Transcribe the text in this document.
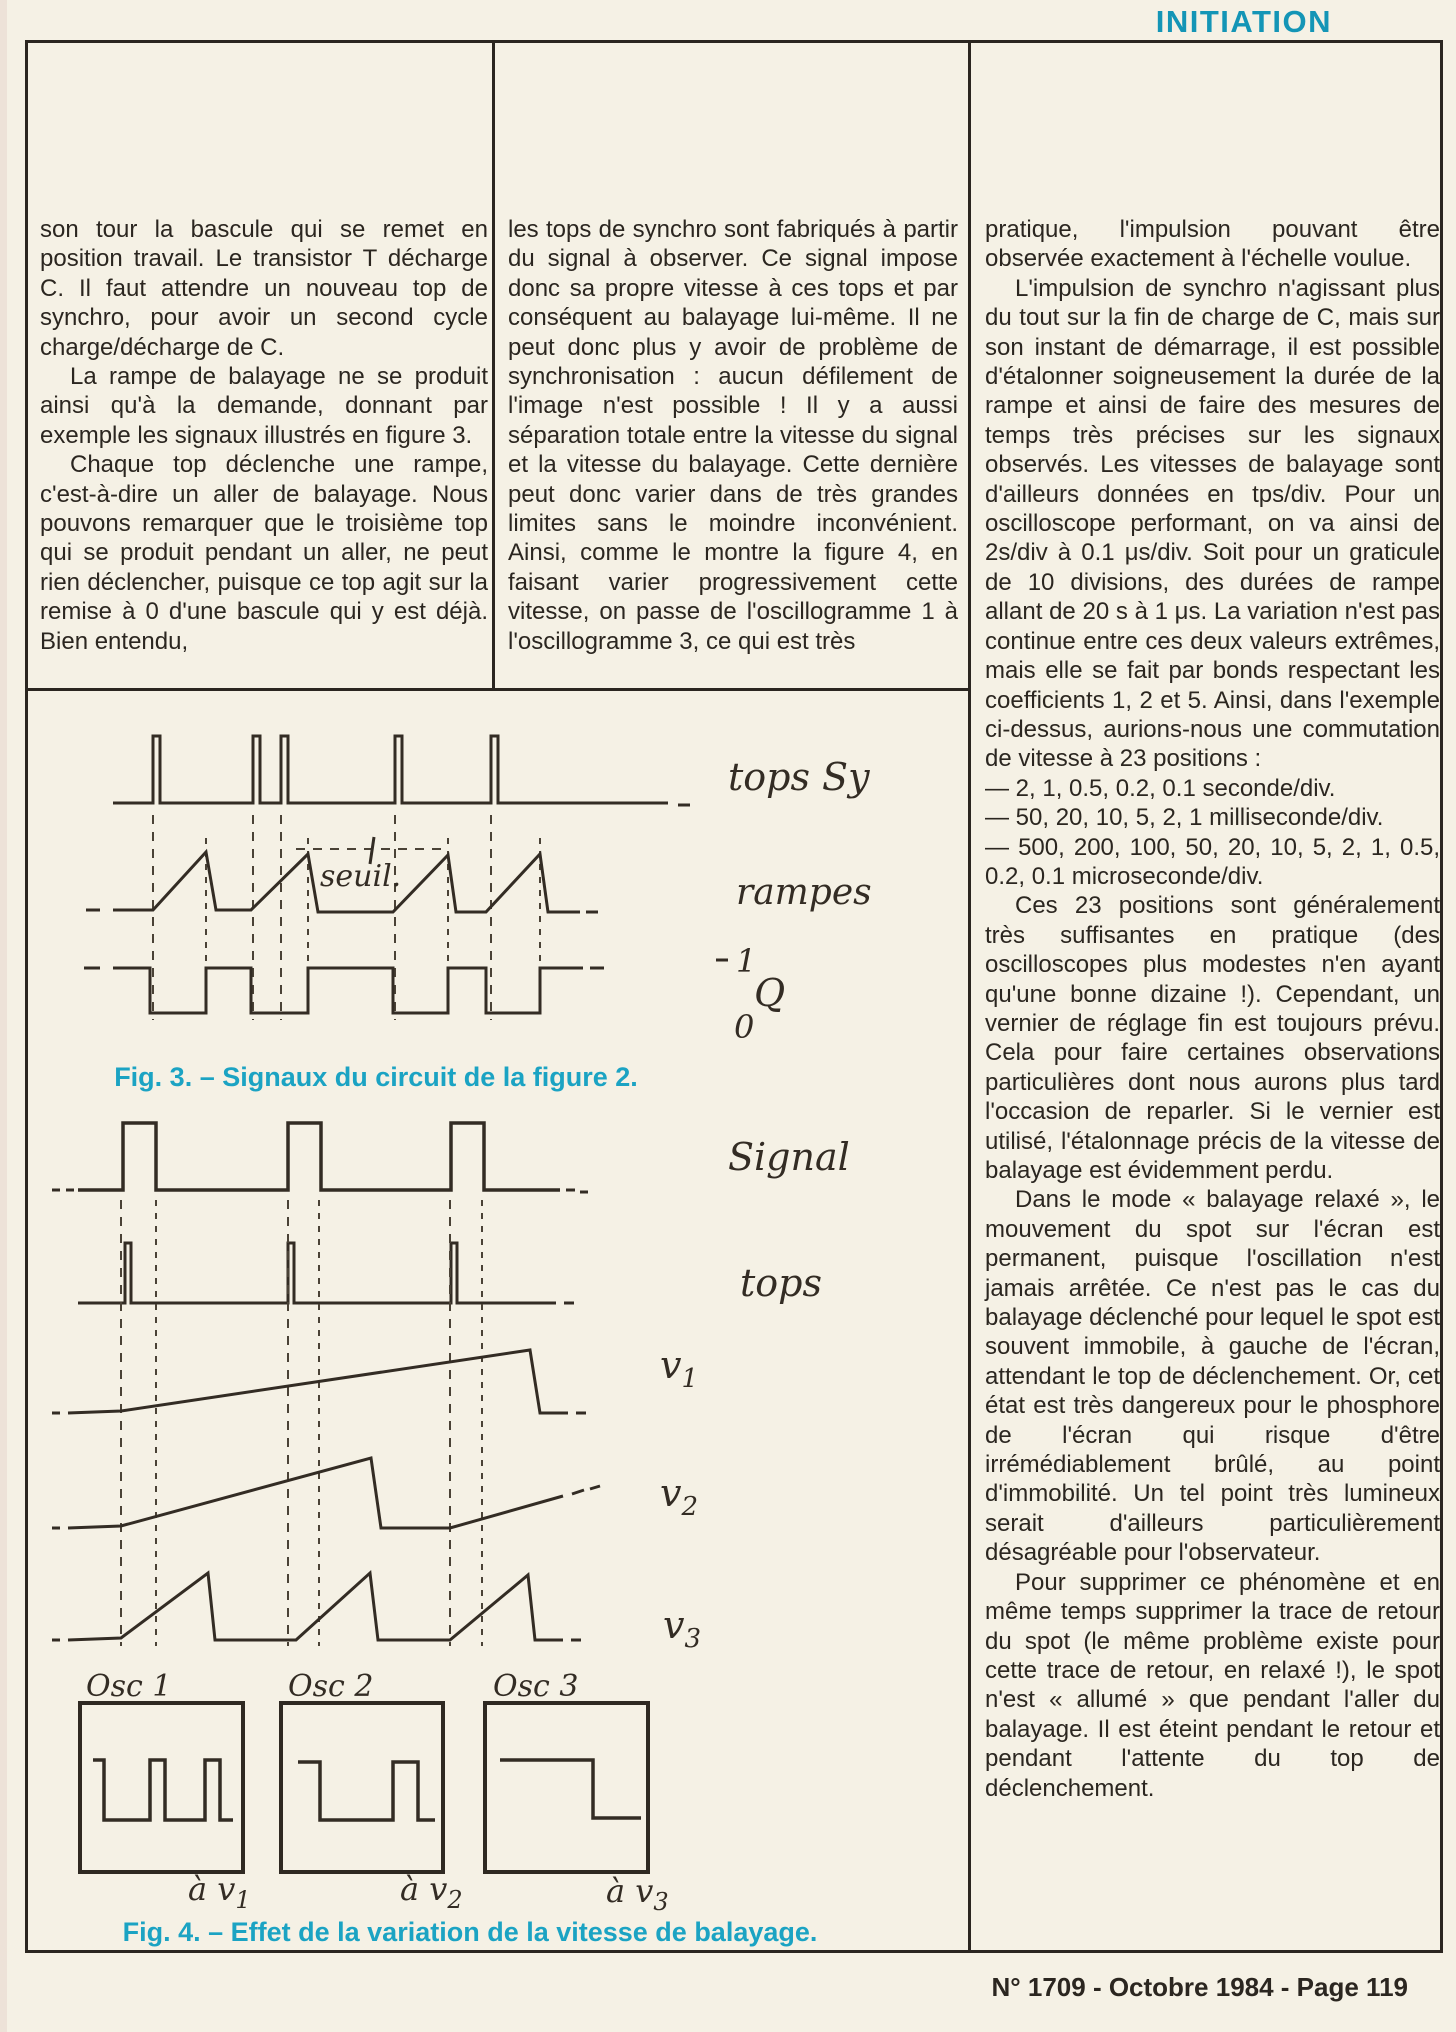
INITIATION

son tour la bascule qui se remet en position travail. Le transistor T décharge C. Il faut attendre un nouveau top de synchro, pour avoir un second cycle charge/décharge de C.

La rampe de balayage ne se produit ainsi qu'à la demande, donnant par exemple les signaux illustrés en figure 3.

Chaque top déclenche une rampe, c'est-à-dire un aller de balayage. Nous pouvons remarquer que le troisième top qui se produit pendant un aller, ne peut rien déclencher, puisque ce top agit sur la remise à 0 d'une bascule qui y est déjà. Bien entendu,

les tops de synchro sont fabriqués à partir du signal à observer. Ce signal impose donc sa propre vitesse à ces tops et par conséquent au balayage lui-même. Il ne peut donc plus y avoir de problème de synchronisation : aucun défilement de l'image n'est possible ! Il y a aussi séparation totale entre la vitesse du signal et la vitesse du balayage. Cette dernière peut donc varier dans de très grandes limites sans le moindre inconvénient. Ainsi, comme le montre la figure 4, en faisant varier progressivement cette vitesse, on passe de l'oscillogramme 1 à l'oscillogramme 3, ce qui est très

pratique, l'impulsion pouvant être observée exactement à l'échelle voulue.

L'impulsion de synchro n'agissant plus du tout sur la fin de charge de C, mais sur son instant de démarrage, il est possible d'étalonner soigneusement la durée de la rampe et ainsi de faire des mesures de temps très précises sur les signaux observés. Les vitesses de balayage sont d'ailleurs données en tps/div. Pour un oscilloscope performant, on va ainsi de 2s/div à 0.1 μs/div. Soit pour un graticule de 10 divisions, des durées de rampe allant de 20 s à 1 μs. La variation n'est pas continue entre ces deux valeurs extrêmes, mais elle se fait par bonds respectant les coefficients 1, 2 et 5. Ainsi, dans l'exemple ci-dessus, aurions-nous une commutation de vitesse à 23 positions :

— 2, 1, 0.5, 0.2, 0.1 seconde/div.

— 50, 20, 10, 5, 2, 1 milliseconde/div.

— 500, 200, 100, 50, 20, 10, 5, 2, 1, 0.5, 0.2, 0.1 microseconde/div.

Ces 23 positions sont généralement très suffisantes en pratique (des oscilloscopes plus modestes n'en ayant qu'une bonne dizaine !). Cependant, un vernier de réglage fin est toujours prévu. Cela pour faire certaines observations particulières dont nous aurons plus tard l'occasion de reparler. Si le vernier est utilisé, l'étalonnage précis de la vitesse de balayage est évidemment perdu.

Dans le mode « balayage relaxé », le mouvement du spot sur l'écran est permanent, puisque l'oscillation n'est jamais arrêtée. Ce n'est pas le cas du balayage déclenché pour lequel le spot est souvent immobile, à gauche de l'écran, attendant le top de déclenchement. Or, cet état est très dangereux pour le phosphore de l'écran qui risque d'être irrémédiablement brûlé, au point d'immobilité. Un tel point très lumineux serait d'ailleurs particulièrement désagréable pour l'observateur.

Pour supprimer ce phénomène et en même temps supprimer la trace de retour du spot (le même problème existe pour cette trace de retour, en relaxé !), le spot n'est « allumé » que pendant l'aller du balayage. Il est éteint pendant le retour et pendant l'attente du top de déclenchement.

seuil.
tops Sy
rampes
1
Q
0
Fig. 3. – Signaux du circuit de la figure 2.
Signal
tops
$v_1$
$v_2$
$v_3$
Osc 1
à $v_1$
Osc 2
à $v_2$
Osc 3
à $v_3$
Fig. 4. – Effet de la variation de la vitesse de balayage.
N° 1709 - Octobre 1984 - Page 119
